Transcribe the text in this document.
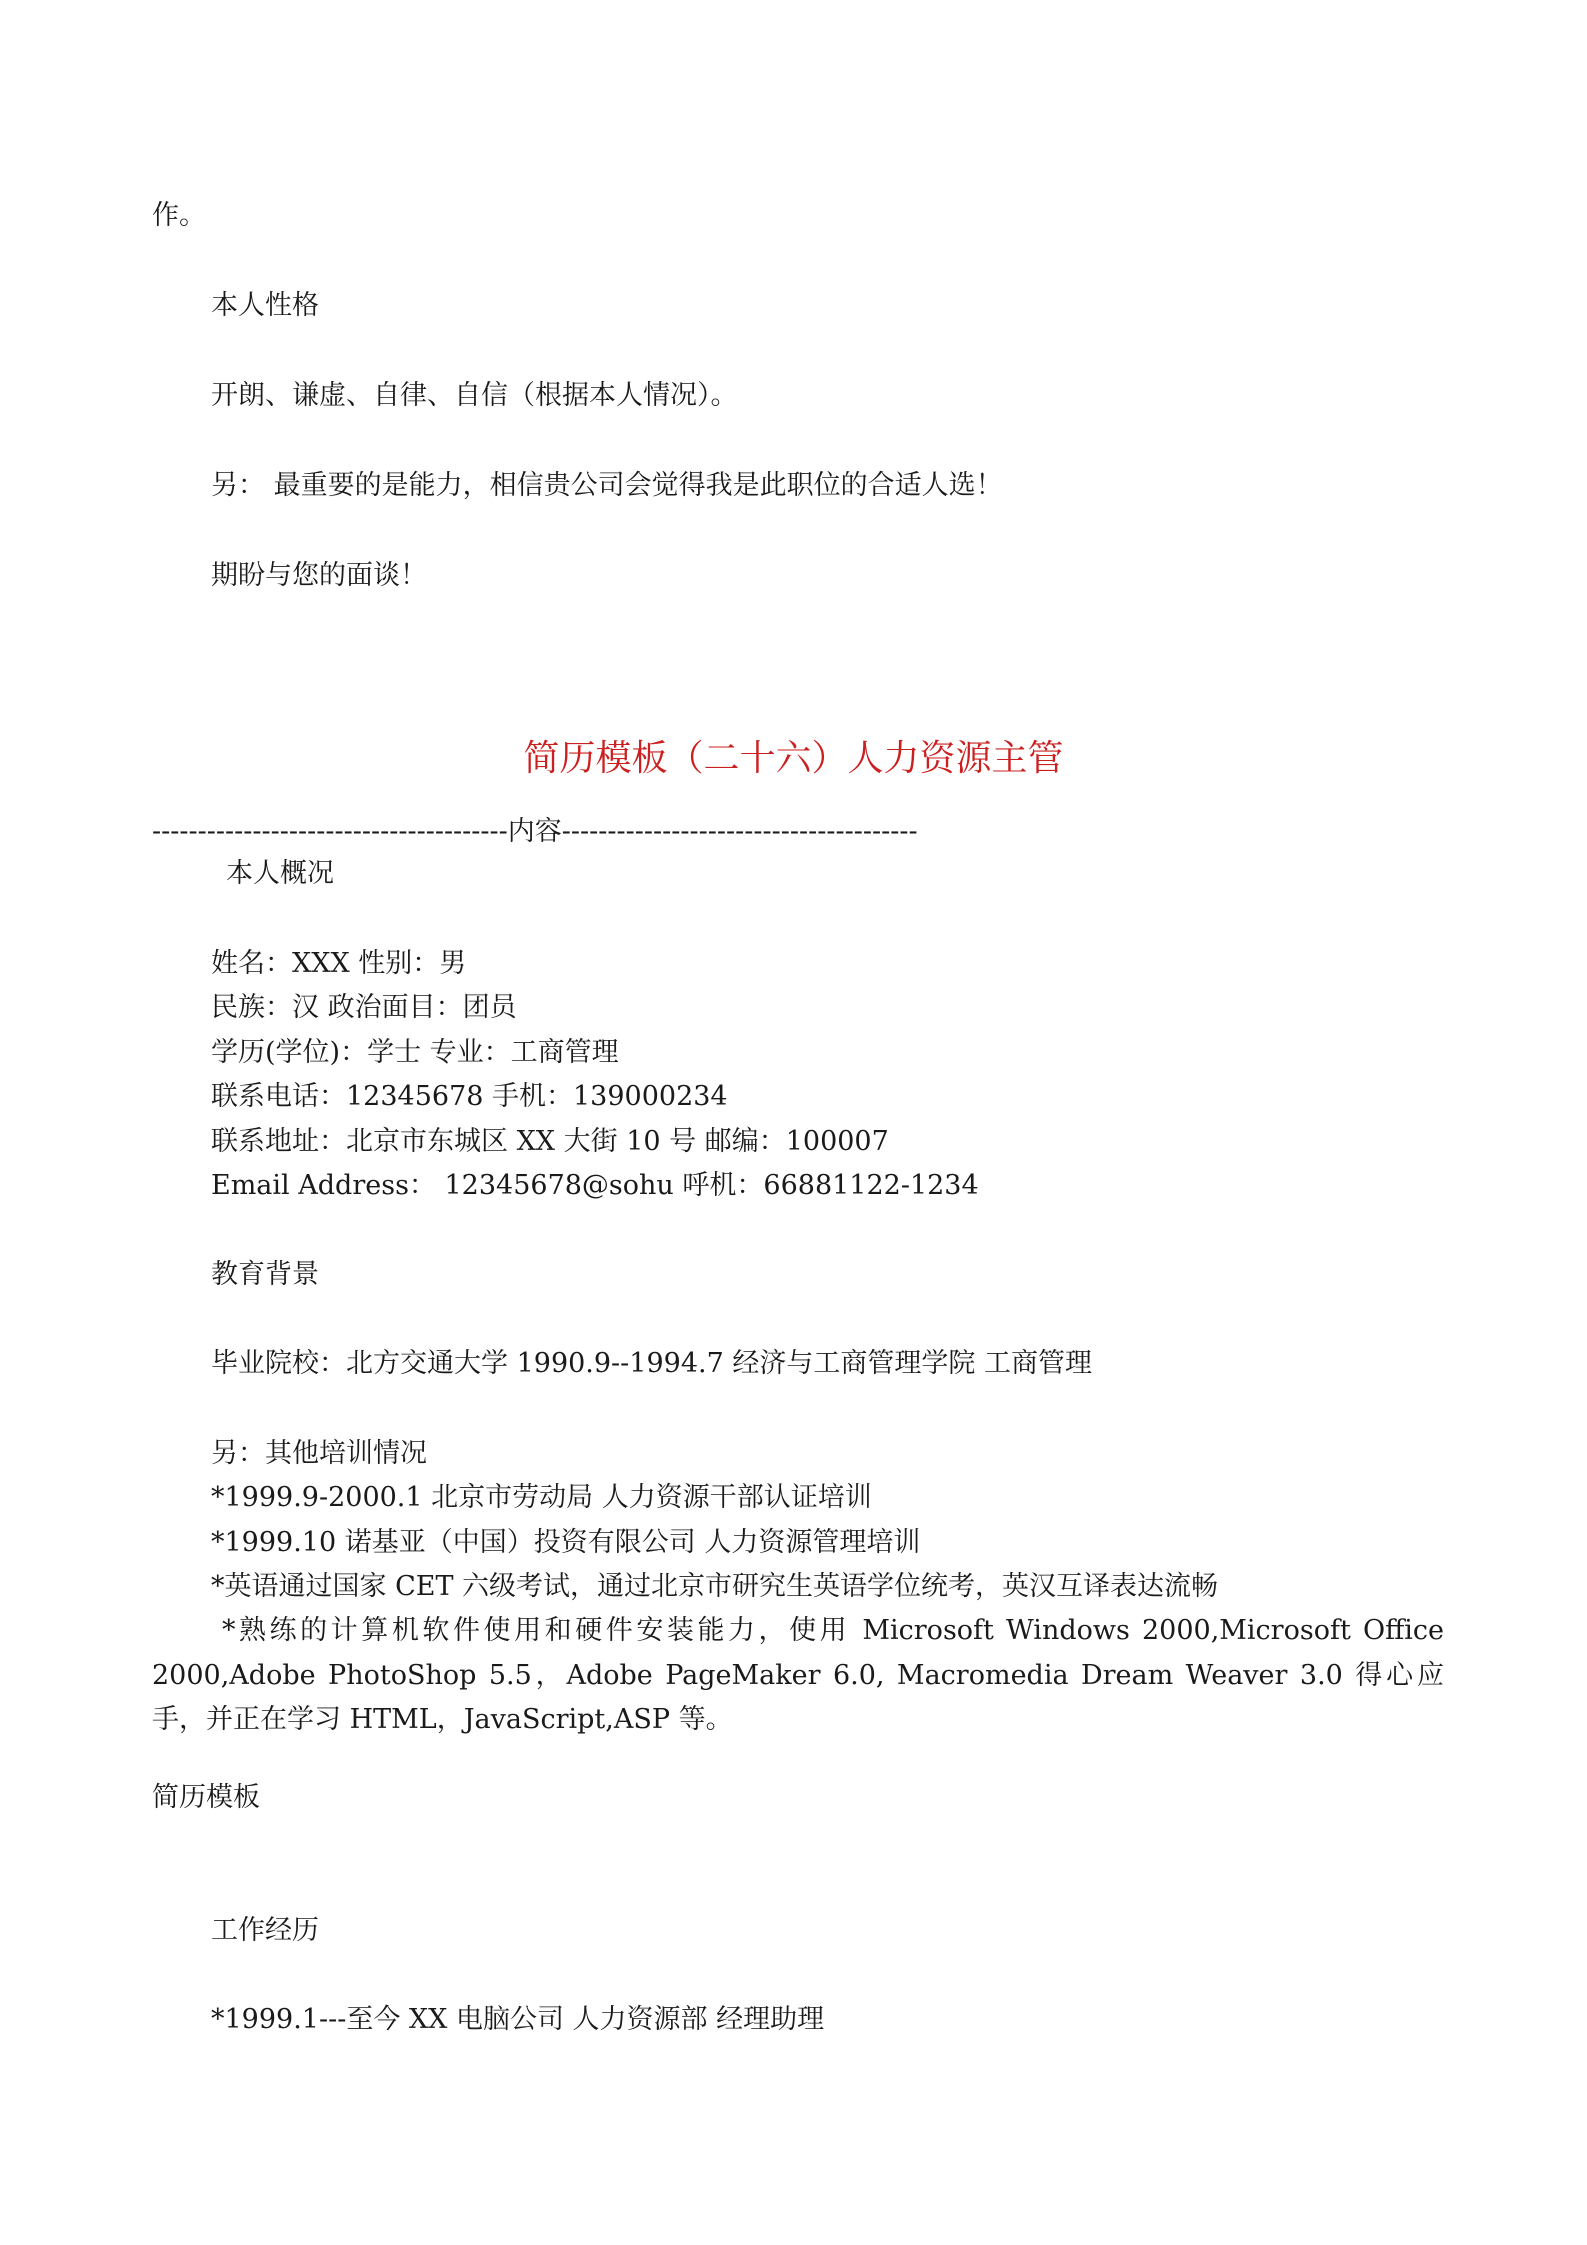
作。
本人性格
开朗、谦虚、自律、自信（根据本人情况）。
另： 最重要的是能力，相信贵公司会觉得我是此职位的合适人选！
期盼与您的面谈！
简历模板（二十六）人力资源主管
---------------------------------------内容---------------------------------------
本人概况
姓名：XXX 性别：男
民族：汉 政治面目：团员
学历(学位)：学士 专业：工商管理
联系电话：12345678 手机：139000234
联系地址：北京市东城区 XX 大街 10 号 邮编：100007
Email Address： 12345678@sohu 呼机：66881122-1234
教育背景
毕业院校：北方交通大学 1990.9--1994.7 经济与工商管理学院 工商管理
另：其他培训情况
*1999.9-2000.1 北京市劳动局 人力资源干部认证培训
*1999.10 诺基亚（中国）投资有限公司 人力资源管理培训
*英语通过国家 CET 六级考试，通过北京市研究生英语学位统考，英汉互译表达流畅
*熟练的计算机软件使用和硬件安装能力，使用 Microsoft Windows 2000,Microsoft Office 2000,Adobe PhotoShop 5.5，Adobe PageMaker 6.0, Macromedia Dream Weaver 3.0 得心应手，并正在学习 HTML，JavaScript,ASP 等。
简历模板
工作经历
*1999.1---至今 XX 电脑公司 人力资源部 经理助理
